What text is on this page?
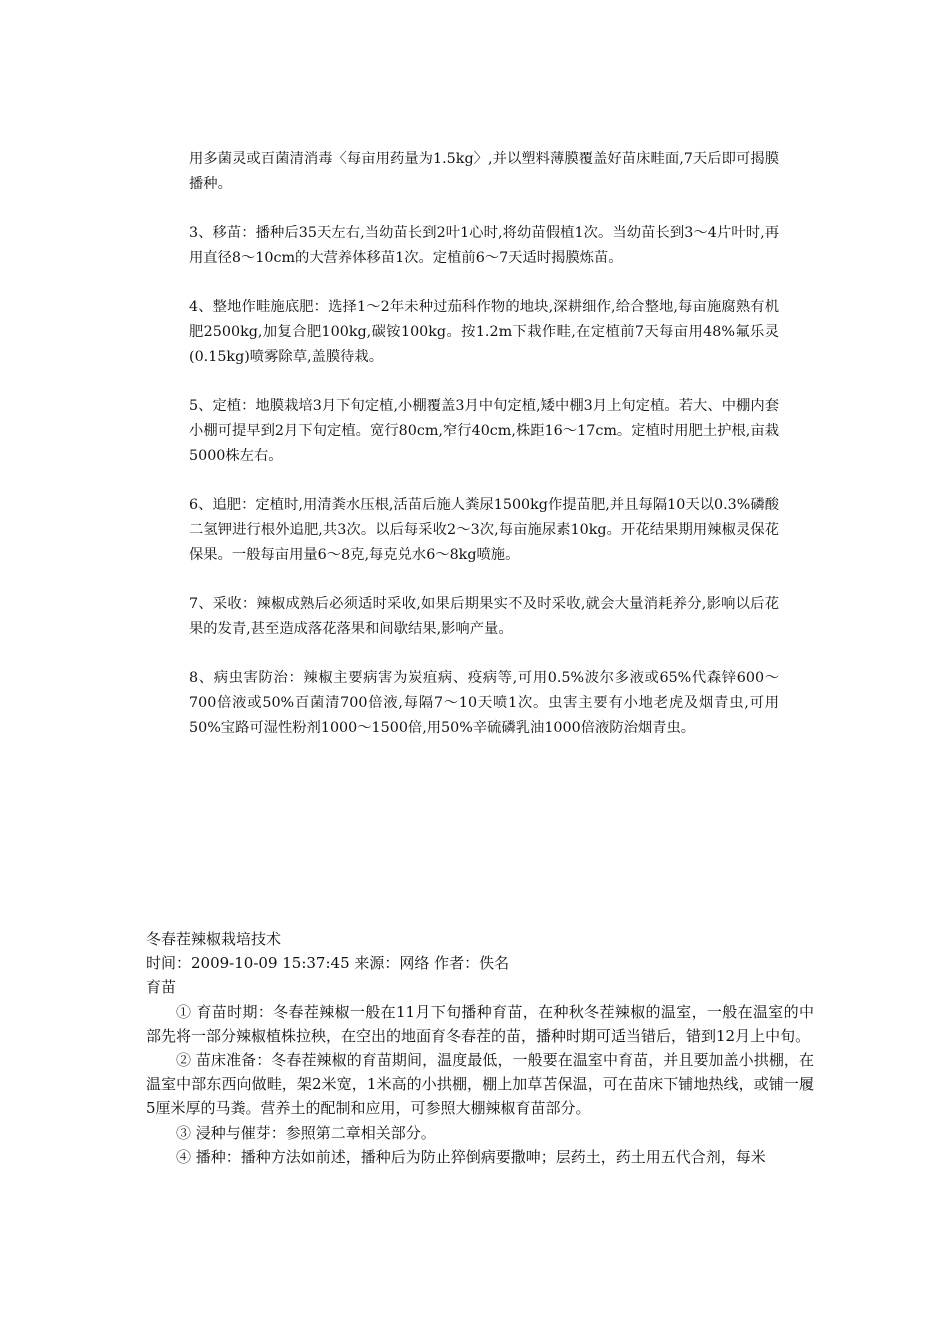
用多菌灵或百菌清消毒〈每亩用药量为1.5kg〉,并以塑料薄膜覆盖好苗床畦面,7天后即可揭膜播种。

3、移苗：播种后35天左右,当幼苗长到2叶1心时,将幼苗假植1次。当幼苗长到3～4片叶时,再用直径8～10cm的大营养体移苗1次。定植前6～7天适时揭膜炼苗。

4、整地作畦施底肥：选择1～2年未种过茄科作物的地块,深耕细作,给合整地,每亩施腐熟有机肥2500kg,加复合肥100kg,碳铵100kg。按1.2m下栽作畦,在定植前7天每亩用48%氟乐灵(0.15kg)喷雾除草,盖膜待栽。

5、定植：地膜栽培3月下旬定植,小棚覆盖3月中旬定植,矮中棚3月上旬定植。若大、中棚内套小棚可提早到2月下旬定植。宽行80cm,窄行40cm,株距16～17cm。定植时用肥土护根,亩栽5000株左右。

6、追肥：定植时,用清粪水压根,活苗后施人粪尿1500kg作提苗肥,并且每隔10天以0.3%磷酸二氢钾进行根外追肥,共3次。以后每采收2～3次,每亩施尿素10kg。开花结果期用辣椒灵保花保果。一般每亩用量6～8克,每克兑水6～8kg喷施。

7、采收：辣椒成熟后必须适时采收,如果后期果实不及时采收,就会大量消耗养分,影响以后花果的发青,甚至造成落花落果和间歇结果,影响产量。

8、病虫害防治：辣椒主要病害为炭疽病、疫病等,可用0.5%波尔多液或65%代森锌600～700倍液或50%百菌清700倍液,每隔7～10天喷1次。虫害主要有小地老虎及烟青虫,可用50%宝路可湿性粉剂1000～1500倍,用50%辛硫磷乳油1000倍液防治烟青虫。

冬春茬辣椒栽培技术

时间：2009-10-09 15:37:45 来源：网络 作者：佚名

育苗

① 育苗时期：冬春茬辣椒一般在11月下旬播种育苗，在种秋冬茬辣椒的温室，一般在温室的中部先将一部分辣椒植株拉秧，在空出的地面育冬春茬的苗，播种时期可适当错后，错到12月上中旬。

② 苗床准备：冬春茬辣椒的育苗期间，温度最低，一般要在温室中育苗，并且要加盖小拱棚，在温室中部东西向做畦，架2米宽，1米高的小拱棚，棚上加草苫保温，可在苗床下铺地热线，或铺一履5厘米厚的马粪。营养土的配制和应用，可参照大棚辣椒育苗部分。

③ 浸种与催芽：参照第二章相关部分。

④ 播种：播种方法如前述，播种后为防止猝倒病要撒呻；层药土，药土用五代合剂，每米
